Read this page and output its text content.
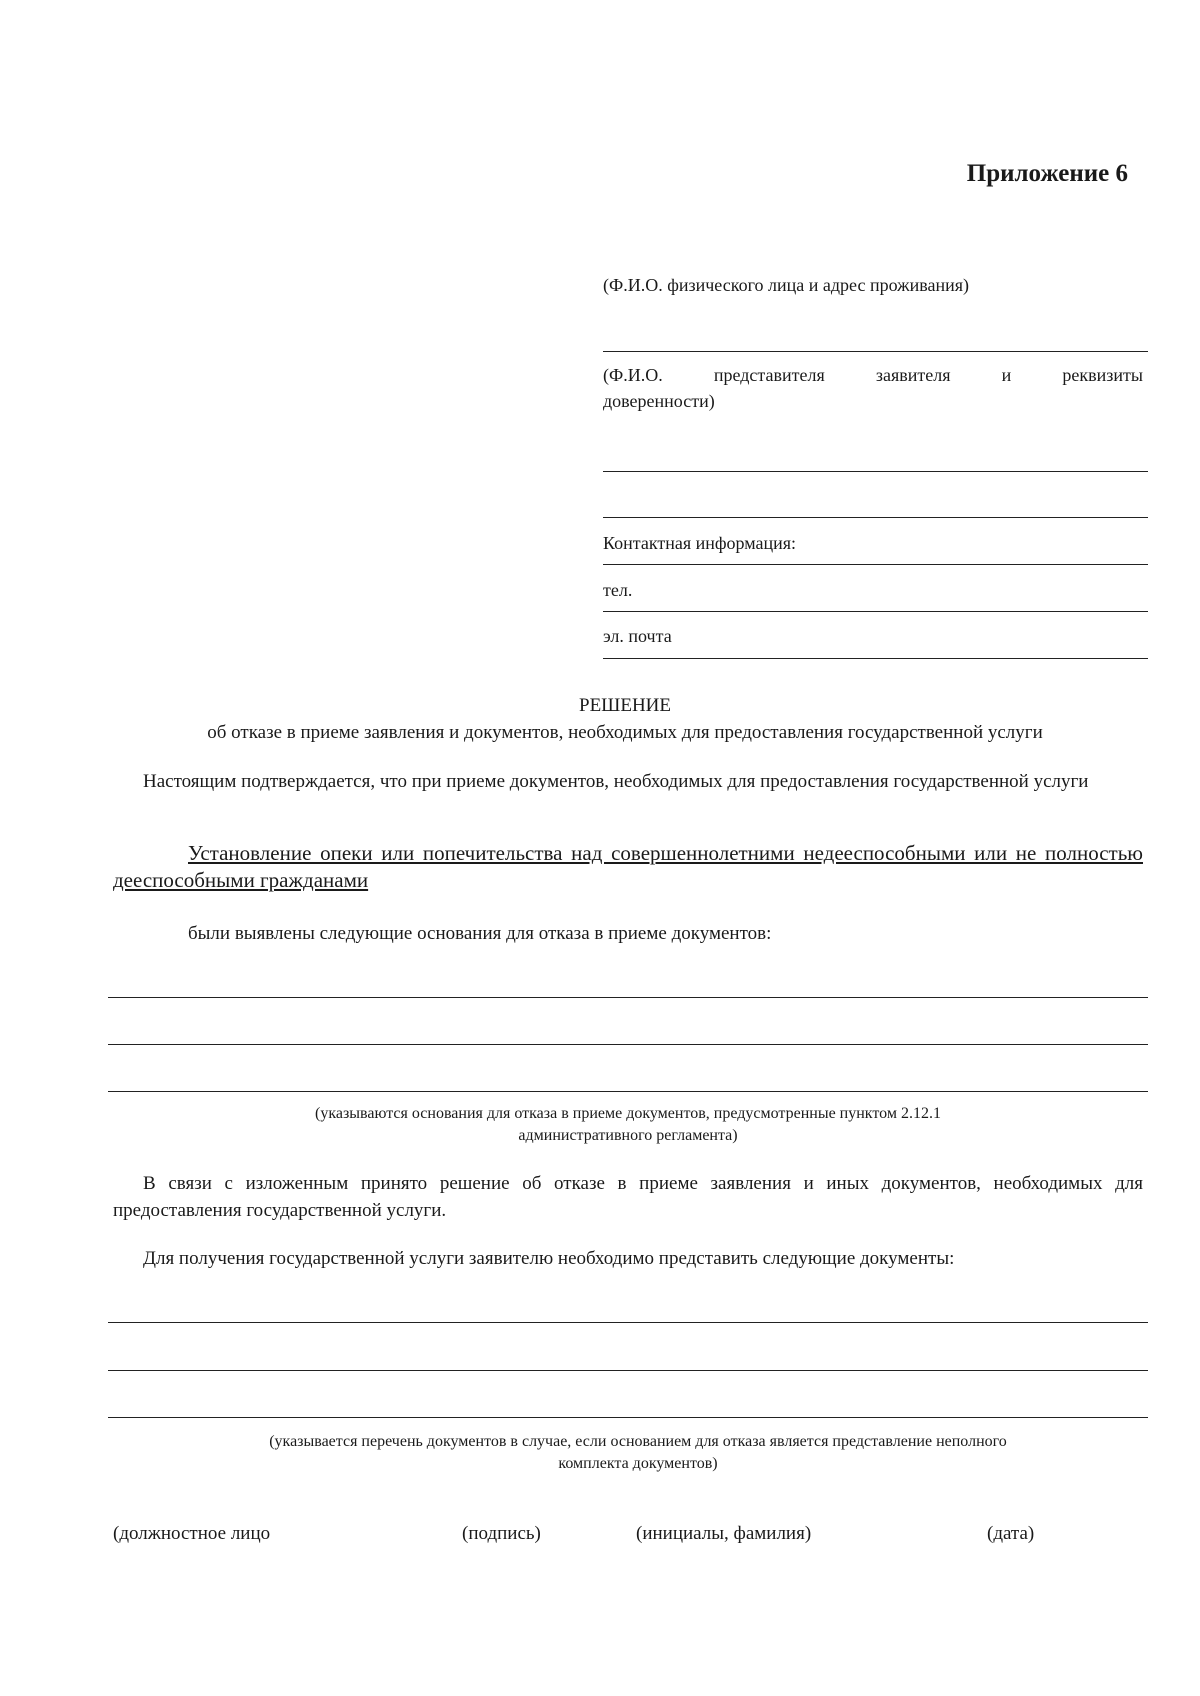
Приложение 6
(Ф.И.О. физического лица и адрес проживания)
(Ф.И.О. представителя заявителя и реквизиты
доверенности)
Контактная информация:
тел.
эл. почта
РЕШЕНИЕ
об отказе в приеме заявления и документов, необходимых для предоставления государственной услуги
Настоящим подтверждается, что при приеме документов, необходимых для предоставления государственной услуги
Установление опеки или попечительства над совершеннолетними недееспособными или не полностью дееспособными гражданами
были выявлены следующие основания для отказа в приеме документов:
(указываются основания для отказа в приеме документов, предусмотренные пунктом 2.12.1
административного регламента)
В связи с изложенным принято решение об отказе в приеме заявления и иных документов, необходимых для предоставления государственной услуги.
Для получения государственной услуги заявителю необходимо представить следующие документы:
(указывается перечень документов в случае, если основанием для отказа является представление неполного
комплекта документов)
(должностное лицо	(подпись)	(инициалы, фамилия)	(дата)
